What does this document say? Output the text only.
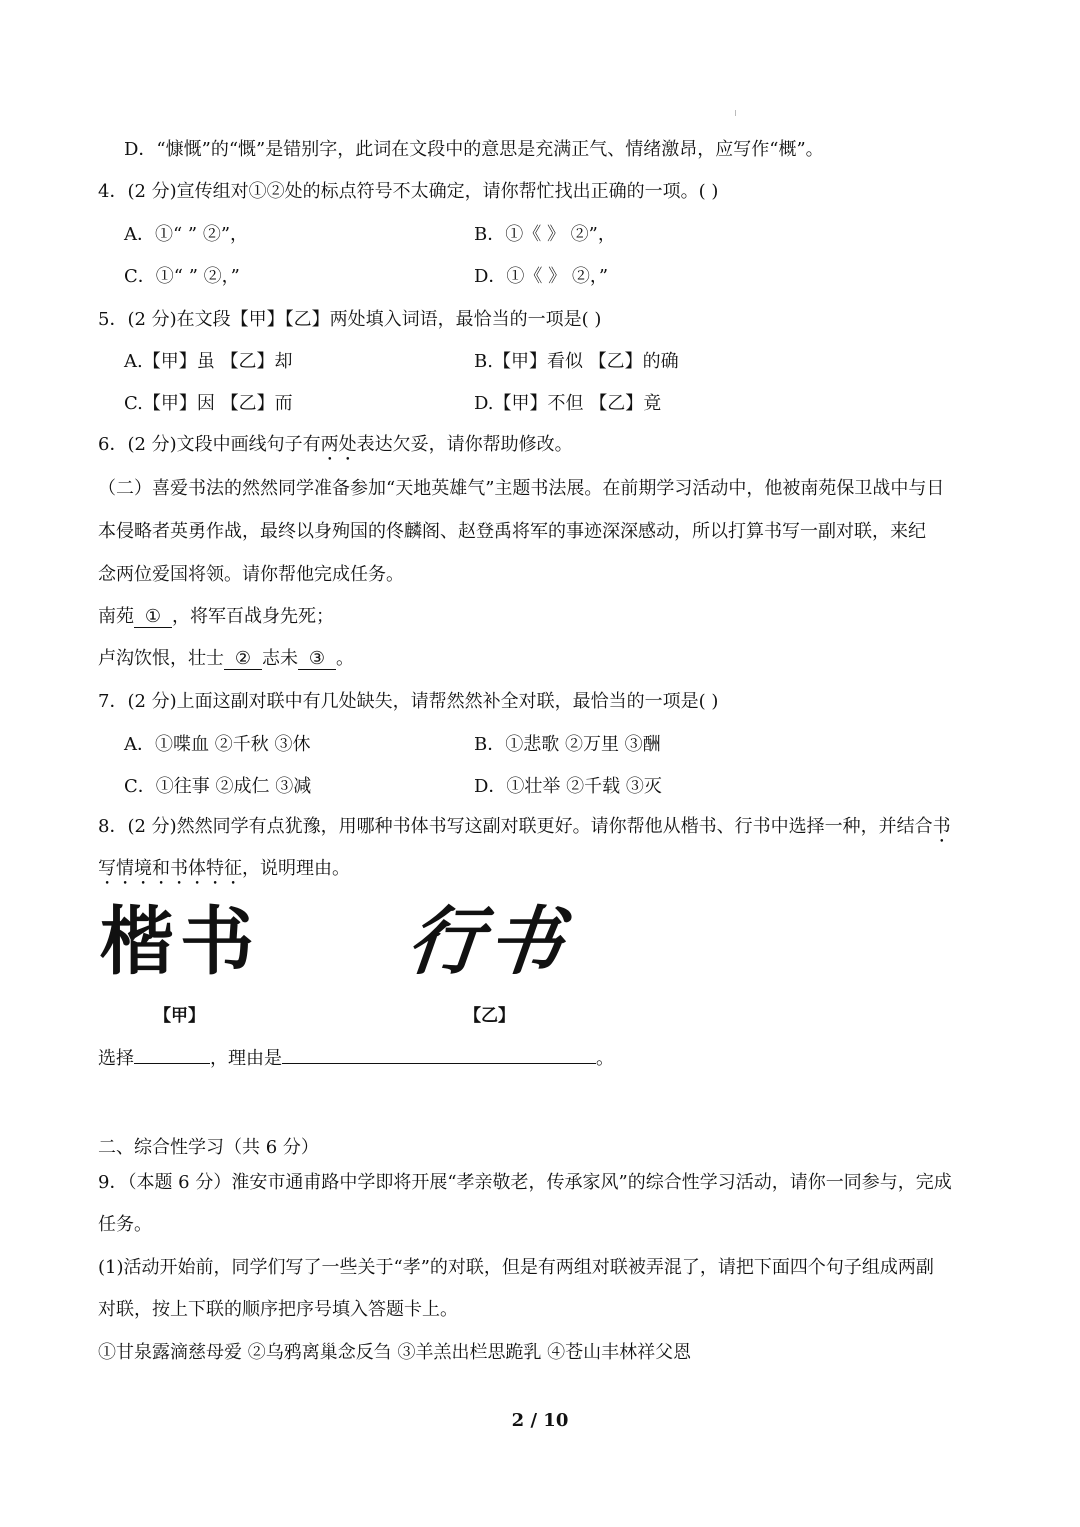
D．“慷慨”的“慨”是错别字，此词在文段中的意思是充满正气、情绪激昂，应写作“概”。
4．(2 分)宣传组对①②处的标点符号不太确定，请你帮忙找出正确的一项。( )
A．①“ ” ②”，	B．①《 》 ②”，
C．①“ ” ②，”	D．①《 》 ②，”
5．(2 分)在文段【甲】【乙】两处填入词语，最恰当的一项是( )
A.【甲】虽 【乙】却	B.【甲】看似 【乙】的确
C.【甲】因 【乙】而	D.【甲】不但 【乙】竟
6．(2 分)文段中画线句子有两处表达欠妥，请你帮助修改。
（二）喜爱书法的然然同学准备参加“天地英雄气”主题书法展。在前期学习活动中，他被南苑保卫战中与日
本侵略者英勇作战，最终以身殉国的佟麟阁、赵登禹将军的事迹深深感动，所以打算书写一副对联，来纪
念两位爱国将领。请你帮他完成任务。
南苑 ① ，将军百战身先死；
卢沟饮恨，壮士 ② 志未 ③ 。
7．(2 分)上面这副对联中有几处缺失，请帮然然补全对联，最恰当的一项是( )
A．①喋血 ②千秋 ③休	B．①悲歌 ②万里 ③酬
C．①往事 ②成仁 ③减	D．①壮举 ②千载 ③灭
8．(2 分)然然同学有点犹豫，用哪种书体书写这副对联更好。请你帮他从楷书、行书中选择一种，并结合书
写情境和书体特征，说明理由。
楷书
【甲】
行书
【乙】
选择	，理由是	。
二、综合性学习（共 6 分）
9．（本题 6 分）淮安市通甫路中学即将开展“孝亲敬老，传承家风”的综合性学习活动，请你一同参与，完成
任务。
(1)活动开始前，同学们写了一些关于“孝”的对联，但是有两组对联被弄混了，请把下面四个句子组成两副
对联，按上下联的顺序把序号填入答题卡上。
①甘泉露滴慈母爱 ②乌鸦离巢念反刍 ③羊羔出栏思跪乳 ④苍山丰林祥父恩
2 / 10
